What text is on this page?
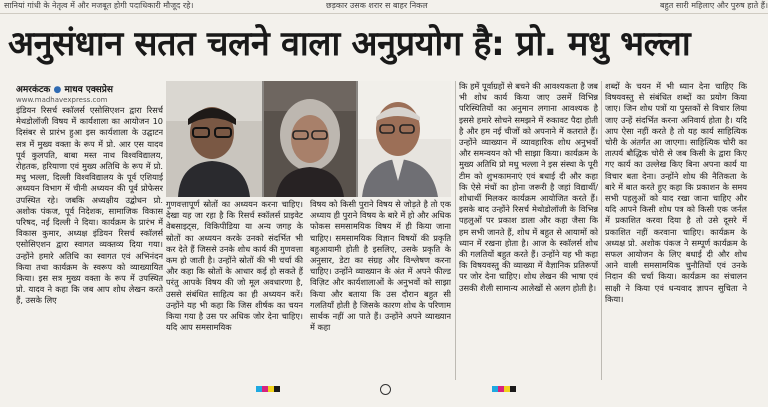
सानियां गांधी के नेतृत्व में और मजबूत होगी पदाधिकारी मौजूद रहे।	छड़कार उसक शरार स बाहर निकल	बहुत सारी महिलाए और पुरुष हाते हैं।
अनुसंधान सतत चलने वाला अनुप्रयोग है: प्रो. मधु भल्ला
अमरकंटक ● माधव एक्सप्रेस
www.madhavexpress.com
इंडियन रिसर्च स्कॉलर्स एसोसिएशन द्वारा रिसर्च मेथडोलॉजी विषय में कार्यशाला का आयोजन 10 दिसंबर से प्रारंभ हुआ इस कार्यशाला के उद्घाटन सत्र में मुख्य वक्ता के रूप में प्रो. आर एस यादव पूर्व कुलपति, बाबा मस्त नाथ विश्वविद्यालय, रोहतक, हरियाणा एवं मुख्य अतिथि के रूप में प्रो. मधु भल्ला, दिल्ली विश्वविद्यालय के पूर्व एशियाई अध्ययन विभाग में चीनी अध्ययन की पूर्व प्रोफेसर उपस्थित रहे। जबकि अध्यक्षीय उद्बोधन प्रो. अशोक पंकज, पूर्व निदेशक, सामाजिक विकास परिषद, नई दिल्ली ने दिया। कार्यक्रम के प्रारंभ में विकास कुमार, अध्यक्ष इंडियन रिसर्च स्कॉलर्स एसोसिएशन द्वारा स्वागत व्यक्तव्य दिया गया। उन्होंने हमारे अतिथि का स्वागत एवं अभिनंदन किया तथा कार्यक्रम के स्वरूप को व्याख्यायित किया। इस सत्र मुख्य वक्ता के रूप में उपस्थित प्रो. यादव ने कहा कि जब आप शोध लेखन करते हैं, उसके लिए
गुणवत्तापूर्ण स्रोतों का अध्ययन करना चाहिए। देखा यह जा रहा है कि रिसर्च स्कॉलर्स प्राइवेट वेबसाइट्स, विकिपीडिया या अन्य जगह के स्रोतों का अध्ययन करके उनको संदर्भित भी कर देते हैं जिससे उनके शोध कार्य की गुणवत्ता कम हो जाती है। उन्होंने स्रोतों की भी चर्चा की और कहा कि स्रोतों के आधार कई हो सकते हैं परंतु आपके विषय की जो मूल अवधारणा है, उससे संबंधित साहित्य का ही अध्ययन करें। उन्होंने यह भी कहा कि जिस शीर्षक का चयन किया गया है उस पर अधिक जोर देना चाहिए। यदि आप समसामयिक
विषय को किसी पुराने विषय से जोड़ते है तो एक अध्याय ही पुराने विषय के बारे में हो और अधिक फोकस समसामयिक विषय में ही किया जाना चाहिए। समसामयिक विज्ञान विषयों की प्रकृति बहुआयामी होती है इसलिए, उसके प्रकृति के अनुसार, डेटा का संग्रह और विश्लेषण करना चाहिए। उन्होंने व्याख्यान के अंत में अपने फील्ड विज़िट और कार्यशालाओं के अनुभवों को साझा किया और बताया कि उस दौरान बहुत सी गलतियाँ होती है जिसके कारण शोध के परिणाम सार्थक नहीं आ पाते हैं। उन्होंने अपने व्याख्यान में कहा
कि हमें पूर्वाग्रहों से बचने की आवश्यकता है जब भी शोध कार्य किया जाए उसमें विभिन्न परिस्थितियों का अनुमान लगाना आवश्यक है इससे हमारे सोचने समझने में रुकावट पैदा होती है और हम नई चीजों को अपनाने में कतराते हैं। उन्होंने व्याख्यान में व्यावहारिक शोध अनुभवों और समन्वयन को भी साझा किया। कार्यक्रम के मुख्य अतिथि प्रो मधु भल्ला ने इस संस्था के पूरी टीम को शुभकामनाएं एवं बधाई दी और कहा कि ऐसे मंचों का होना जरूरी है जहां विद्यार्थी/शोधार्थी मिलकर कार्यक्रम आयोजित करते हैं। इसके बाद उन्होंने रिसर्च मेथोडोलॉजी के विभिन्न पहलुओं पर प्रकाश डाला और कहा जैसा कि हम सभी जानते हैं, शोध में बहुत से आयामों को ध्यान में रखना होता है। आज के स्कॉलर्स शोध की गलतियों बहुत करते हैं। उन्होंने यह भी कहा कि विषयवस्तु की व्याख्या में वैज्ञानिक प्रतिरूपों पर जोर देना चाहिए। शोध लेखन की भाषा एवं उसकी शैली सामान्य आलेखों से अलग होती है।
शब्दों के चयन में भी ध्यान देना चाहिए कि विषयवस्तु से संबंधित शब्दों का प्रयोग किया जाए। जिन शोध पत्रों या पुस्तकों से विचार लिया जाए उन्हें संदर्भित करना अनिवार्य होता है। यदि आप ऐसा नहीं करते है तो यह कार्य साहित्यिक चोरी के अंतर्गत आ जाएगा। साहित्यिक चोरी का तात्पर्य बौद्धिक चोरी से जब किसी के द्वारा किए गए कार्य का उल्लेख किए बिना अपना कार्य या विचार बता देना। उन्होंने शोध की नैतिकता के बारे में बात करते हुए कहा कि प्रकाशन के समय सभी पहलुओं को याद रखा जाना चाहिए और यदि आपने किसी शोध पत्र को किसी एक जर्नल में प्रकाशित करवा दिया है तो उसे दूसरे में प्रकाशित नहीं करवाना चाहिए। कार्यक्रम के अध्यक्ष प्रो. अशोक पंकज ने सम्पूर्ण कार्यक्रम के सफल आयोजन के लिए बधाई दी और शोध आने वाली समसामयिक चुनौतियों एवं उनके निदान की चर्चा किया। कार्यक्रम का संचालन साक्षी ने किया एवं धन्यवाद ज्ञापन सुचिता ने किया।
